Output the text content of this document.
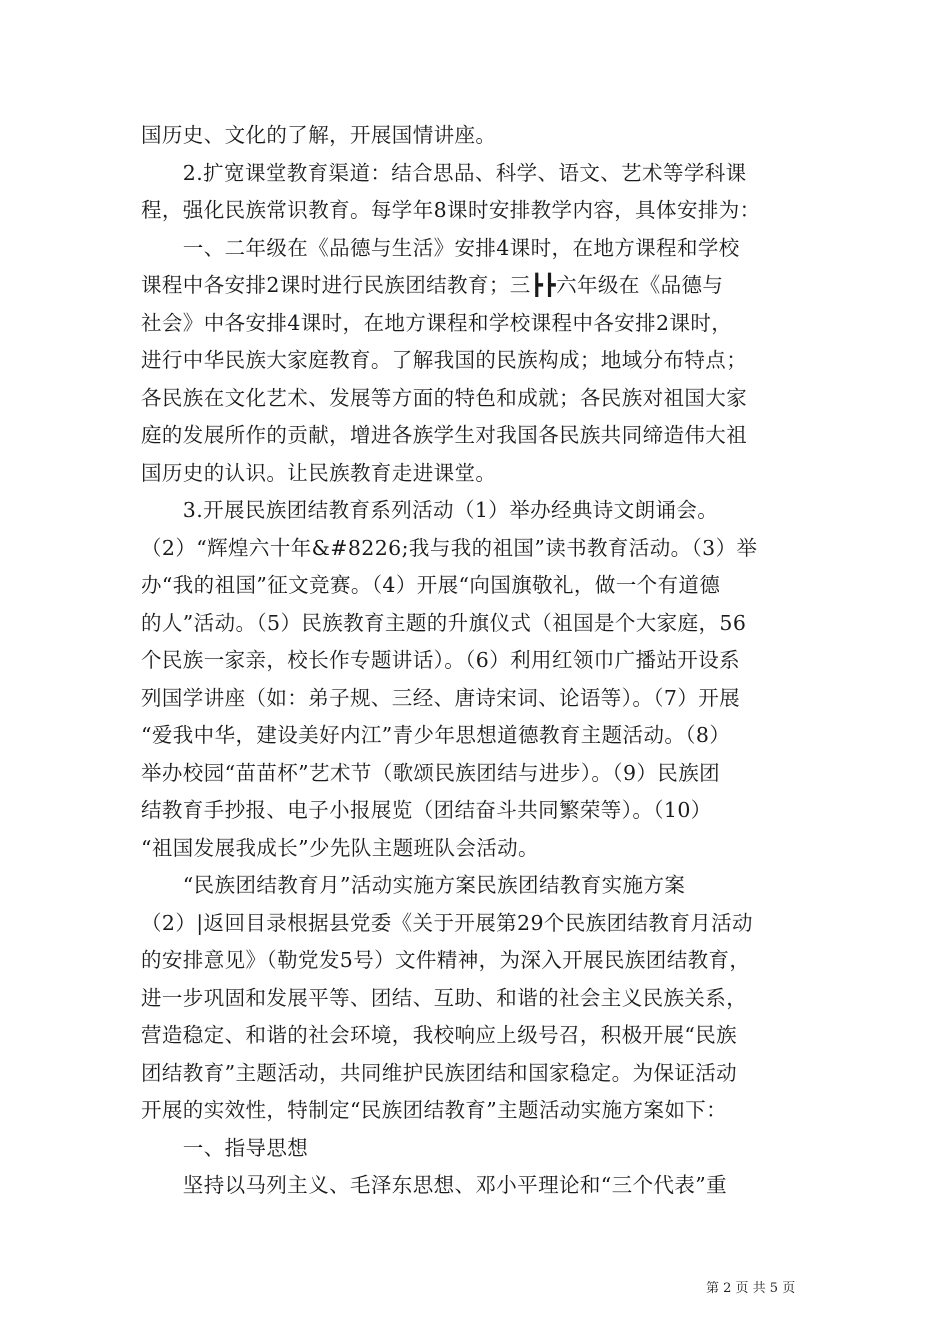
国历史、文化的了解，开展国情讲座。
　　2.扩宽课堂教育渠道：结合思品、科学、语文、艺术等学科课
程，强化民族常识教育。每学年8课时安排教学内容，具体安排为：
　　一、二年级在《品德与生活》安排4课时，在地方课程和学校
课程中各安排2课时进行民族团结教育；三┣┣六年级在《品德与
社会》中各安排4课时，在地方课程和学校课程中各安排2课时，
进行中华民族大家庭教育。了解我国的民族构成；地域分布特点；
各民族在文化艺术、发展等方面的特色和成就；各民族对祖国大家
庭的发展所作的贡献，增进各族学生对我国各民族共同缔造伟大祖
国历史的认识。让民族教育走进课堂。
　　3.开展民族团结教育系列活动（1）举办经典诗文朗诵会。
（2）“辉煌六十年&#8226;我与我的祖国”读书教育活动。（3）举
办“我的祖国”征文竞赛。（4）开展“向国旗敬礼，做一个有道德
的人”活动。（5）民族教育主题的升旗仪式（祖国是个大家庭，56
个民族一家亲，校长作专题讲话）。（6）利用红领巾广播站开设系
列国学讲座（如：弟子规、三经、唐诗宋词、论语等）。（7）开展
“爱我中华，建设美好内江”青少年思想道德教育主题活动。（8）
举办校园“苗苗杯”艺术节（歌颂民族团结与进步）。（9）民族团
结教育手抄报、电子小报展览（团结奋斗共同繁荣等）。（10）
“祖国发展我成长”少先队主题班队会活动。
　　“民族团结教育月”活动实施方案民族团结教育实施方案
（2）|返回目录根据县党委《关于开展第29个民族团结教育月活动
的安排意见》（勒党发5号）文件精神，为深入开展民族团结教育，
进一步巩固和发展平等、团结、互助、和谐的社会主义民族关系，
营造稳定、和谐的社会环境，我校响应上级号召，积极开展“民族
团结教育”主题活动，共同维护民族团结和国家稳定。为保证活动
开展的实效性，特制定“民族团结教育”主题活动实施方案如下：
　　一、指导思想
　　坚持以马列主义、毛泽东思想、邓小平理论和“三个代表”重
第 2 页 共 5 页
